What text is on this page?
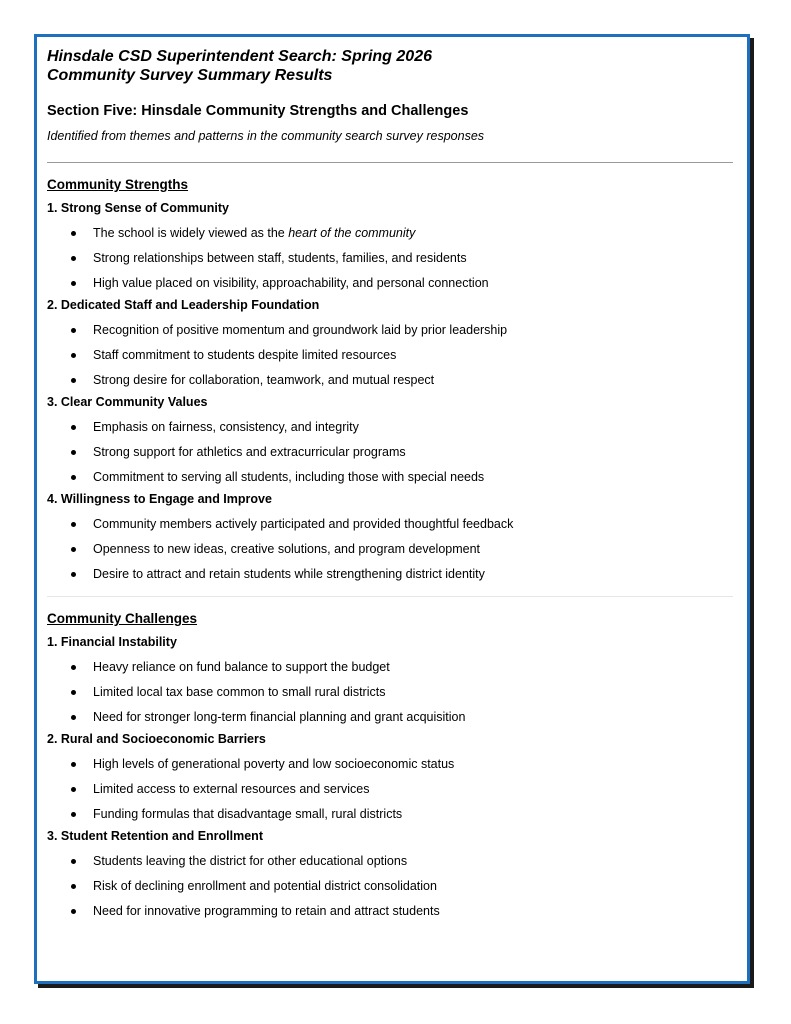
Hinsdale CSD Superintendent Search: Spring 2026

Community Survey Summary Results

Section Five: Hinsdale Community Strengths and Challenges

Identified from themes and patterns in the community search survey responses

Community Strengths

1. Strong Sense of Community

The school is widely viewed as the heart of the community
Strong relationships between staff, students, families, and residents
High value placed on visibility, approachability, and personal connection

2. Dedicated Staff and Leadership Foundation

Recognition of positive momentum and groundwork laid by prior leadership
Staff commitment to students despite limited resources
Strong desire for collaboration, teamwork, and mutual respect

3. Clear Community Values

Emphasis on fairness, consistency, and integrity
Strong support for athletics and extracurricular programs
Commitment to serving all students, including those with special needs

4. Willingness to Engage and Improve

Community members actively participated and provided thoughtful feedback
Openness to new ideas, creative solutions, and program development
Desire to attract and retain students while strengthening district identity

Community Challenges

1. Financial Instability

Heavy reliance on fund balance to support the budget
Limited local tax base common to small rural districts
Need for stronger long-term financial planning and grant acquisition

2. Rural and Socioeconomic Barriers

High levels of generational poverty and low socioeconomic status
Limited access to external resources and services
Funding formulas that disadvantage small, rural districts

3. Student Retention and Enrollment

Students leaving the district for other educational options
Risk of declining enrollment and potential district consolidation
Need for innovative programming to retain and attract students
